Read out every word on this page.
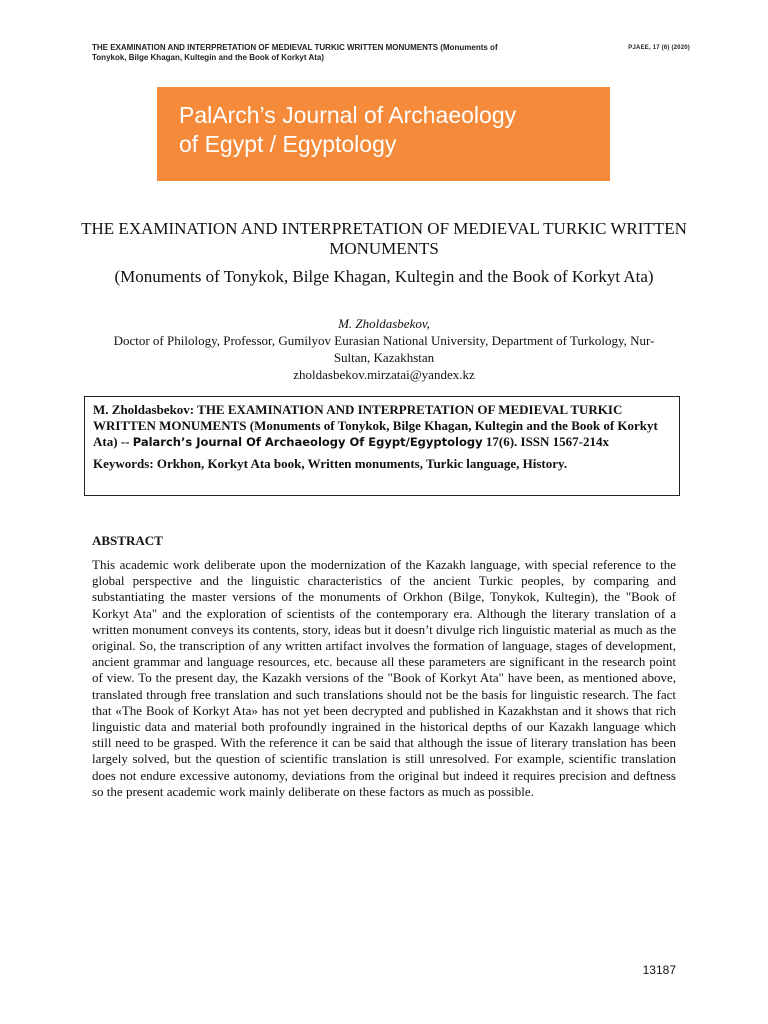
THE EXAMINATION AND INTERPRETATION OF MEDIEVAL TURKIC WRITTEN MONUMENTS (Monuments of Tonykok, Bilge Khagan, Kultegin and the Book of Korkyt Ata)
PJAEE, 17 (6) (2020)
PalArch’s Journal of Archaeology
of Egypt / Egyptology
THE EXAMINATION AND INTERPRETATION OF MEDIEVAL TURKIC WRITTEN MONUMENTS
(Monuments of Tonykok, Bilge Khagan, Kultegin and the Book of Korkyt Ata)
M. Zholdasbekov,
Doctor of Philology, Professor, Gumilyov Eurasian National University, Department of Turkology, Nur-Sultan, Kazakhstan
zholdasbekov.mirzatai@yandex.kz
M. Zholdasbekov: THE EXAMINATION AND INTERPRETATION OF MEDIEVAL TURKIC WRITTEN MONUMENTS (Monuments of Tonykok, Bilge Khagan, Kultegin and the Book of Korkyt Ata) -- Palarch’s Journal Of Archaeology Of Egypt/Egyptology 17(6). ISSN 1567-214x
Keywords: Orkhon, Korkyt Ata book, Written monuments, Turkic language, History.
ABSTRACT
This academic work deliberate upon the modernization of the Kazakh language, with special reference to the global perspective and the linguistic characteristics of the ancient Turkic peoples, by comparing and substantiating the master versions of the monuments of Orkhon (Bilge, Tonykok, Kultegin), the "Book of Korkyt Ata" and the exploration of scientists of the contemporary era. Although the literary translation of a written monument conveys its contents, story, ideas but it doesn’t divulge rich linguistic material as much as the original. So, the transcription of any written artifact involves the formation of language, stages of development, ancient grammar and language resources, etc. because all these parameters are significant in the research point of view. To the present day, the Kazakh versions of the "Book of Korkyt Ata" have been, as mentioned above, translated through free translation and such translations should not be the basis for linguistic research. The fact that «The Book of Korkyt Ata» has not yet been decrypted and published in Kazakhstan and it shows that rich linguistic data and material both profoundly ingrained in the historical depths of our Kazakh language which still need to be grasped. With the reference it can be said that although the issue of literary translation has been largely solved, but the question of scientific translation is still unresolved. For example, scientific translation does not endure excessive autonomy, deviations from the original but indeed it requires precision and deftness so the present academic work mainly deliberate on these factors as much as possible.
13187
